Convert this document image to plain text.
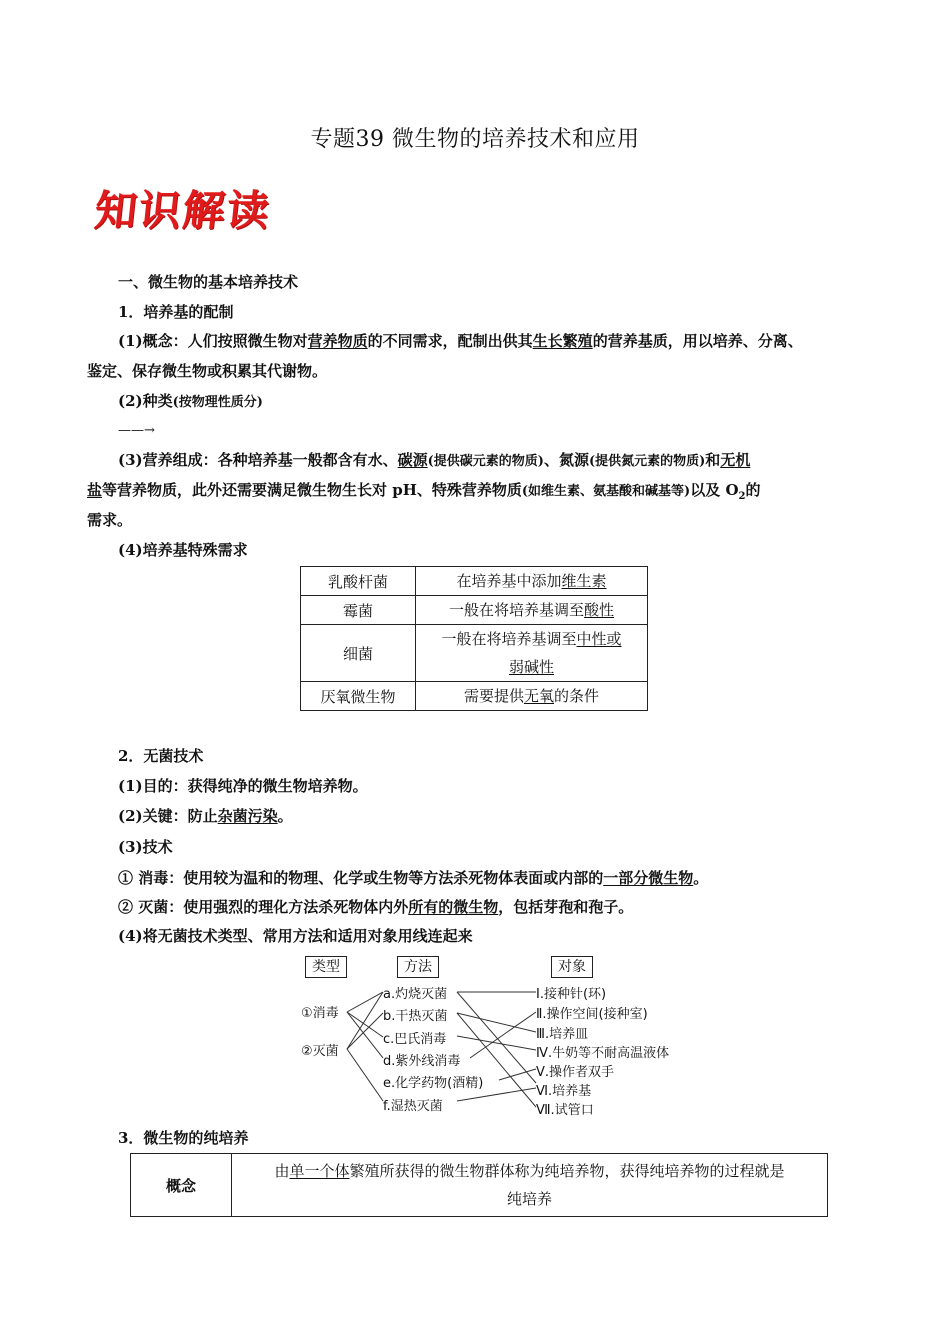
专题39 微生物的培养技术和应用
知识解读
一、微生物的基本培养技术
1．培养基的配制
(1)概念：人们按照微生物对营养物质的不同需求，配制出供其生长繁殖的营养基质，用以培养、分离、
鉴定、保存微生物或积累其代谢物。
(2)种类(按物理性质分)
——→
(3)营养组成：各种培养基一般都含有水、碳源(提供碳元素的物质)、氮源(提供氮元素的物质)和无机
盐等营养物质，此外还需要满足微生物生长对 pH、特殊营养物质(如维生素、氨基酸和碱基等)以及 $O_2$的
需求。
(4)培养基特殊需求
乳酸杆菌	在培养基中添加维生素
霉菌	一般在将培养基调至酸性
细菌	一般在将培养基调至中性或
弱碱性
厌氧微生物	需要提供无氧的条件
2．无菌技术
(1)目的：获得纯净的微生物培养物。
(2)关键：防止杂菌污染。
(3)技术
① 消毒：使用较为温和的物理、化学或生物等方法杀死物体表面或内部的一部分微生物。
② 灭菌：使用强烈的理化方法杀死物体内外所有的微生物，包括芽孢和孢子。
(4)将无菌技术类型、常用方法和适用对象用线连起来
类型	方法	对象
①消毒
②灭菌
a.灼烧灭菌
b.干热灭菌
c.巴氏消毒
d.紫外线消毒
e.化学药物(酒精)
f.湿热灭菌
Ⅰ.接种针(环)
Ⅱ.操作空间(接种室)
Ⅲ.培养皿
Ⅳ.牛奶等不耐高温液体
Ⅴ.操作者双手
Ⅵ.培养基
Ⅶ.试管口
3．微生物的纯培养
概念	由单一个体繁殖所获得的微生物群体称为纯培养物，获得纯培养物的过程就是
纯培养
